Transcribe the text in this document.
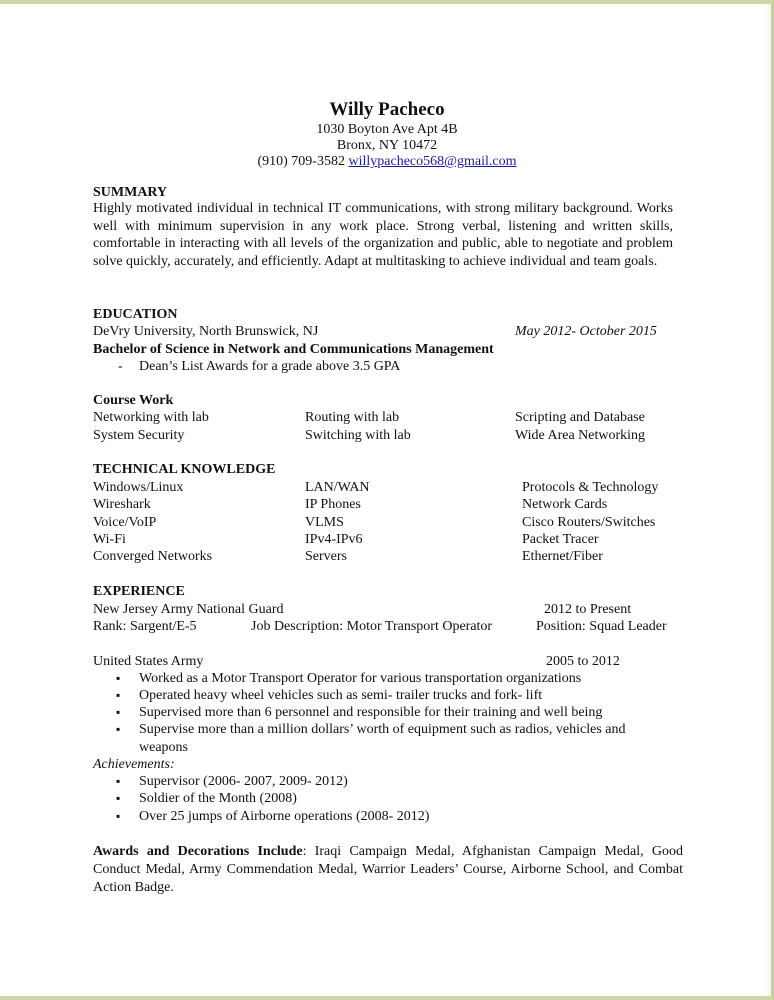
Willy Pacheco
1030 Boyton Ave Apt 4B
Bronx, NY 10472
(910) 709-3582 willypacheco568@gmail.com
SUMMARY
Highly motivated individual in technical IT communications, with strong military background. Works well with minimum supervision in any work place. Strong verbal, listening and written skills, comfortable in interacting with all levels of the organization and public, able to negotiate and problem solve quickly, accurately, and efficiently. Adapt at multitasking to achieve individual and team goals.
EDUCATION
DeVry University, North Brunswick, NJ	May 2012- October 2015
Bachelor of Science in Network and Communications Management
- Dean’s List Awards for a grade above 3.5 GPA
Course Work
Networking with lab	Routing with lab	Scripting and Database
System Security	Switching with lab	Wide Area Networking
TECHNICAL KNOWLEDGE
Windows/Linux	LAN/WAN	Protocols & Technology
Wireshark	IP Phones	Network Cards
Voice/VoIP	VLMS	Cisco Routers/Switches
Wi-Fi	IPv4-IPv6	Packet Tracer
Converged Networks	Servers	Ethernet/Fiber
EXPERIENCE
New Jersey Army National Guard	2012 to Present
Rank: Sargent/E-5	Job Description: Motor Transport Operator	Position: Squad Leader
United States Army	2005 to 2012
▪ Worked as a Motor Transport Operator for various transportation organizations
▪ Operated heavy wheel vehicles such as semi- trailer trucks and fork- lift
▪ Supervised more than 6 personnel and responsible for their training and well being
▪ Supervise more than a million dollars’ worth of equipment such as radios, vehicles and
weapons
Achievements:
▪ Supervisor (2006- 2007, 2009- 2012)
▪ Soldier of the Month (2008)
▪ Over 25 jumps of Airborne operations (2008- 2012)
Awards and Decorations Include: Iraqi Campaign Medal, Afghanistan Campaign Medal, Good Conduct Medal, Army Commendation Medal, Warrior Leaders’ Course, Airborne School, and Combat Action Badge.
